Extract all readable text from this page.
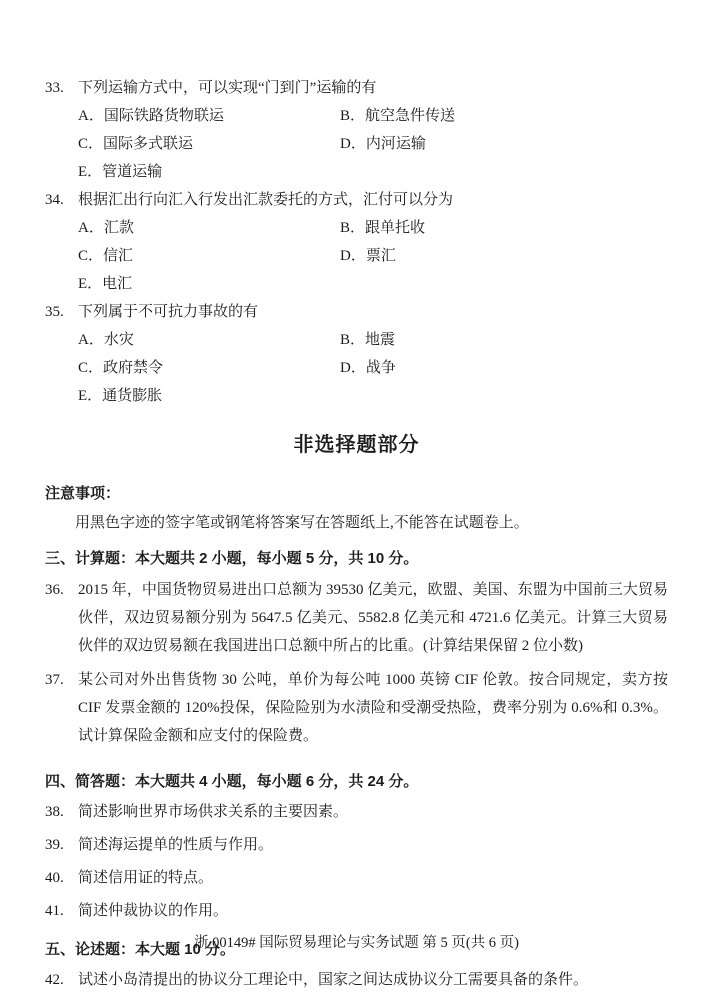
33. 下列运输方式中，可以实现“门到门”运输的有
A．国际铁路货物联运	B．航空急件传送
C．国际多式联运	D．内河运输
E．管道运输
34. 根据汇出行向汇入行发出汇款委托的方式，汇付可以分为
A．汇款	B．跟单托收
C．信汇	D．票汇
E．电汇
35. 下列属于不可抗力事故的有
A．水灾	B．地震
C．政府禁令	D．战争
E．通货膨胀
非选择题部分
注意事项：
用黑色字迹的签字笔或钢笔将答案写在答题纸上,不能答在试题卷上。
三、计算题：本大题共 2 小题，每小题 5 分，共 10 分。
36. 2015 年，中国货物贸易进出口总额为 39530 亿美元，欧盟、美国、东盟为中国前三大贸易伙伴，双边贸易额分别为 5647.5 亿美元、5582.8 亿美元和 4721.6 亿美元。计算三大贸易伙伴的双边贸易额在我国进出口总额中所占的比重。(计算结果保留 2 位小数)
37. 某公司对外出售货物 30 公吨，单价为每公吨 1000 英镑 CIF 伦敦。按合同规定，卖方按 CIF 发票金额的 120%投保，保险险别为水渍险和受潮受热险，费率分别为 0.6%和 0.3%。试计算保险金额和应支付的保险费。
四、简答题：本大题共 4 小题，每小题 6 分，共 24 分。
38. 简述影响世界市场供求关系的主要因素。
39. 简述海运提单的性质与作用。
40. 简述信用证的特点。
41. 简述仲裁协议的作用。
五、论述题：本大题 10 分。
42. 试述小岛清提出的协议分工理论中，国家之间达成协议分工需要具备的条件。
浙 00149# 国际贸易理论与实务试题 第 5 页(共 6 页)
